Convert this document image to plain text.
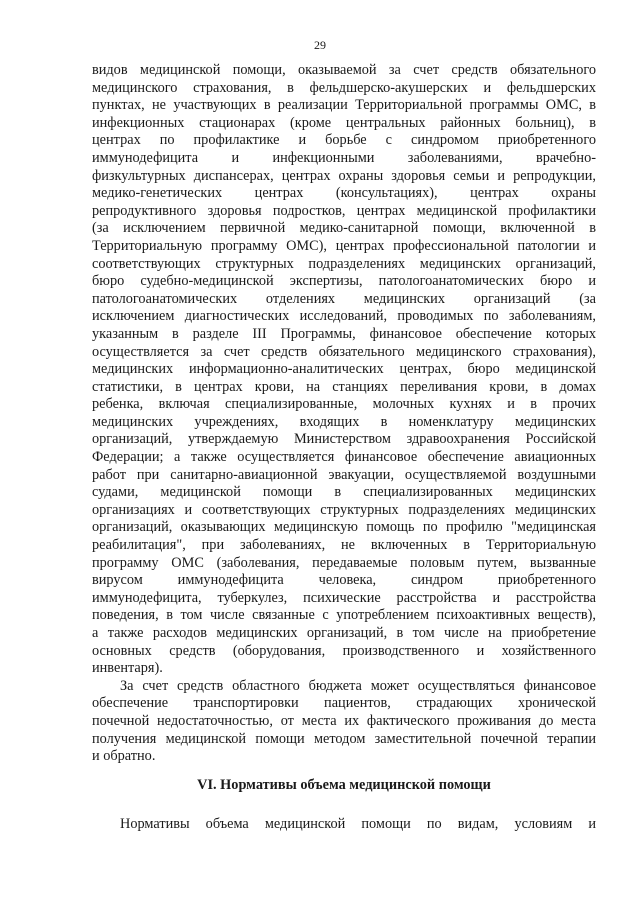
29
видов медицинской помощи, оказываемой за счет средств обязательного
медицинского страхования, в фельдшерско-акушерских и фельдшерских
пунктах, не участвующих в реализации Территориальной программы ОМС, в
инфекционных стационарах (кроме центральных районных больниц), в
центрах по профилактике и борьбе с синдромом приобретенного
иммунодефицита и инфекционными заболеваниями, врачебно-
физкультурных диспансерах, центрах охраны здоровья семьи и репродукции,
медико-генетических центрах (консультациях), центрах охраны
репродуктивного здоровья подростков, центрах медицинской профилактики
(за исключением первичной медико-санитарной помощи, включенной в
Территориальную программу ОМС), центрах профессиональной патологии и
соответствующих структурных подразделениях медицинских организаций,
бюро судебно-медицинской экспертизы, патологоанатомических бюро и
патологоанатомических отделениях медицинских организаций (за
исключением диагностических исследований, проводимых по заболеваниям,
указанным в разделе III Программы, финансовое обеспечение которых
осуществляется за счет средств обязательного медицинского страхования),
медицинских информационно-аналитических центрах, бюро медицинской
статистики, в центрах крови, на станциях переливания крови, в домах
ребенка, включая специализированные, молочных кухнях и в прочих
медицинских учреждениях, входящих в номенклатуру медицинских
организаций, утверждаемую Министерством здравоохранения Российской
Федерации; а также осуществляется финансовое обеспечение авиационных
работ при санитарно-авиационной эвакуации, осуществляемой воздушными
судами, медицинской помощи в специализированных медицинских
организациях и соответствующих структурных подразделениях медицинских
организаций, оказывающих медицинскую помощь по профилю "медицинская
реабилитация", при заболеваниях, не включенных в Территориальную
программу ОМС (заболевания, передаваемые половым путем, вызванные
вирусом иммунодефицита человека, синдром приобретенного
иммунодефицита, туберкулез, психические расстройства и расстройства
поведения, в том числе связанные с употреблением психоактивных веществ),
а также расходов медицинских организаций, в том числе на приобретение
основных средств (оборудования, производственного и хозяйственного
инвентаря).
За счет средств областного бюджета может осуществляться финансовое
обеспечение транспортировки пациентов, страдающих хронической
почечной недостаточностью, от места их фактического проживания до места
получения медицинской помощи методом заместительной почечной терапии
и обратно.
VI. Нормативы объема медицинской помощи
Нормативы объема медицинской помощи по видам, условиям и
